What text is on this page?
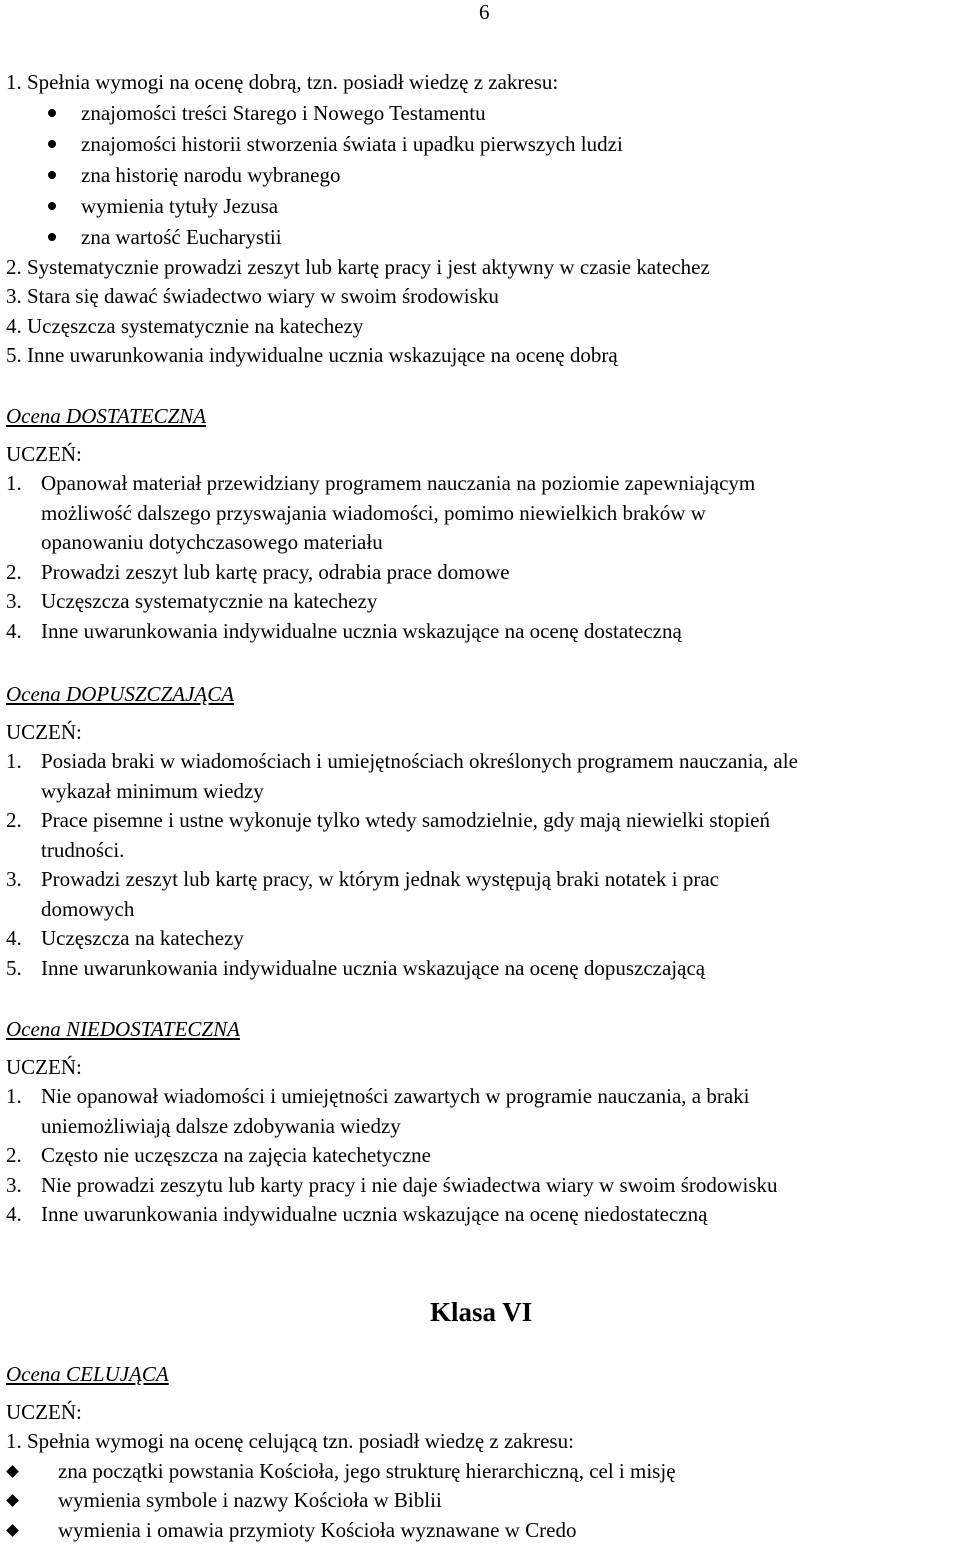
6
1. Spełnia wymogi na ocenę dobrą, tzn. posiadł wiedzę z zakresu:
znajomości treści Starego i Nowego Testamentu
znajomości historii stworzenia świata i upadku pierwszych ludzi
zna historię narodu wybranego
wymienia tytuły Jezusa
zna wartość Eucharystii
2. Systematycznie prowadzi zeszyt lub kartę pracy i jest aktywny w czasie katechez
3. Stara się dawać świadectwo wiary w swoim środowisku
4. Uczęszcza systematycznie na katechezy
5. Inne uwarunkowania indywidualne ucznia wskazujące na ocenę dobrą
Ocena DOSTATECZNA
UCZEŃ:
1. Opanował materiał przewidziany programem nauczania na poziomie zapewniającym
możliwość dalszego przyswajania wiadomości, pomimo niewielkich braków w
opanowaniu dotychczasowego materiału
2. Prowadzi zeszyt lub kartę pracy, odrabia prace domowe
3. Uczęszcza systematycznie na katechezy
4. Inne uwarunkowania indywidualne ucznia wskazujące na ocenę dostateczną
Ocena DOPUSZCZAJĄCA
UCZEŃ:
1. Posiada braki w wiadomościach i umiejętnościach określonych programem nauczania, ale
wykazał minimum wiedzy
2. Prace pisemne i ustne wykonuje tylko wtedy samodzielnie, gdy mają niewielki stopień
trudności.
3. Prowadzi zeszyt lub kartę pracy, w którym jednak występują braki notatek i prac
domowych
4. Uczęszcza na katechezy
5. Inne uwarunkowania indywidualne ucznia wskazujące na ocenę dopuszczającą
Ocena NIEDOSTATECZNA
UCZEŃ:
1. Nie opanował wiadomości i umiejętności zawartych w programie nauczania, a braki
uniemożliwiają dalsze zdobywania wiedzy
2. Często nie uczęszcza na zajęcia katechetyczne
3. Nie prowadzi zeszytu lub karty pracy i nie daje świadectwa wiary w swoim środowisku
4. Inne uwarunkowania indywidualne ucznia wskazujące na ocenę niedostateczną
Klasa VI
Ocena CELUJĄCA
UCZEŃ:
1. Spełnia wymogi na ocenę celującą tzn. posiadł wiedzę z zakresu:
zna początki powstania Kościoła, jego strukturę hierarchiczną, cel i misję
wymienia symbole i nazwy Kościoła w Biblii
wymienia i omawia przymioty Kościoła wyznawane w Credo
